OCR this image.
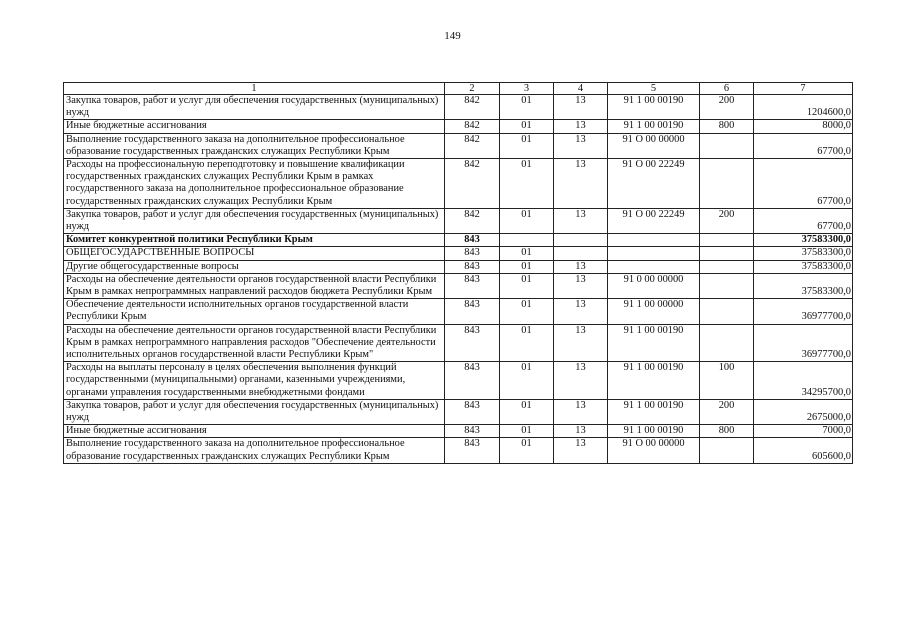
149
1	2	3	4	5	6	7
Закупка товаров, работ и услуг для обеспечения государственных (муниципальных) нужд	842	01	13	91 1 00 00190	200	1204600,0
Иные бюджетные ассигнования	842	01	13	91 1 00 00190	800	8000,0
Выполнение государственного заказа на дополнительное профессиональное образование государственных гражданских служащих Республики Крым	842	01	13	91 О 00 00000		67700,0
Расходы на профессиональную переподготовку и повышение квалификации государственных гражданских служащих Республики Крым в рамках государственного заказа на дополнительное профессиональное образование государственных гражданских служащих Республики Крым	842	01	13	91 О 00 22249		67700,0
Закупка товаров, работ и услуг для обеспечения государственных (муниципальных) нужд	842	01	13	91 О 00 22249	200	67700,0
Комитет конкурентной политики Республики Крым	843					37583300,0
ОБЩЕГОСУДАРСТВЕННЫЕ ВОПРОСЫ	843	01				37583300,0
Другие общегосударственные вопросы	843	01	13			37583300,0
Расходы на обеспечение деятельности органов государственной власти Республики Крым в рамках непрограммных направлений расходов бюджета Республики Крым	843	01	13	91 0 00 00000		37583300,0
Обеспечение деятельности исполнительных органов государственной власти Республики Крым	843	01	13	91 1 00 00000		36977700,0
Расходы на обеспечение деятельности органов государственной власти Республики Крым в рамках непрограммного направления расходов "Обеспечение деятельности исполнительных органов государственной власти Республики Крым"	843	01	13	91 1 00 00190		36977700,0
Расходы на выплаты персоналу в целях обеспечения выполнения функций государственными (муниципальными) органами, казенными учреждениями, органами управления государственными внебюджетными фондами	843	01	13	91 1 00 00190	100	34295700,0
Закупка товаров, работ и услуг для обеспечения государственных (муниципальных) нужд	843	01	13	91 1 00 00190	200	2675000,0
Иные бюджетные ассигнования	843	01	13	91 1 00 00190	800	7000,0
Выполнение государственного заказа на дополнительное профессиональное образование государственных гражданских служащих Республики Крым	843	01	13	91 О 00 00000		605600,0
